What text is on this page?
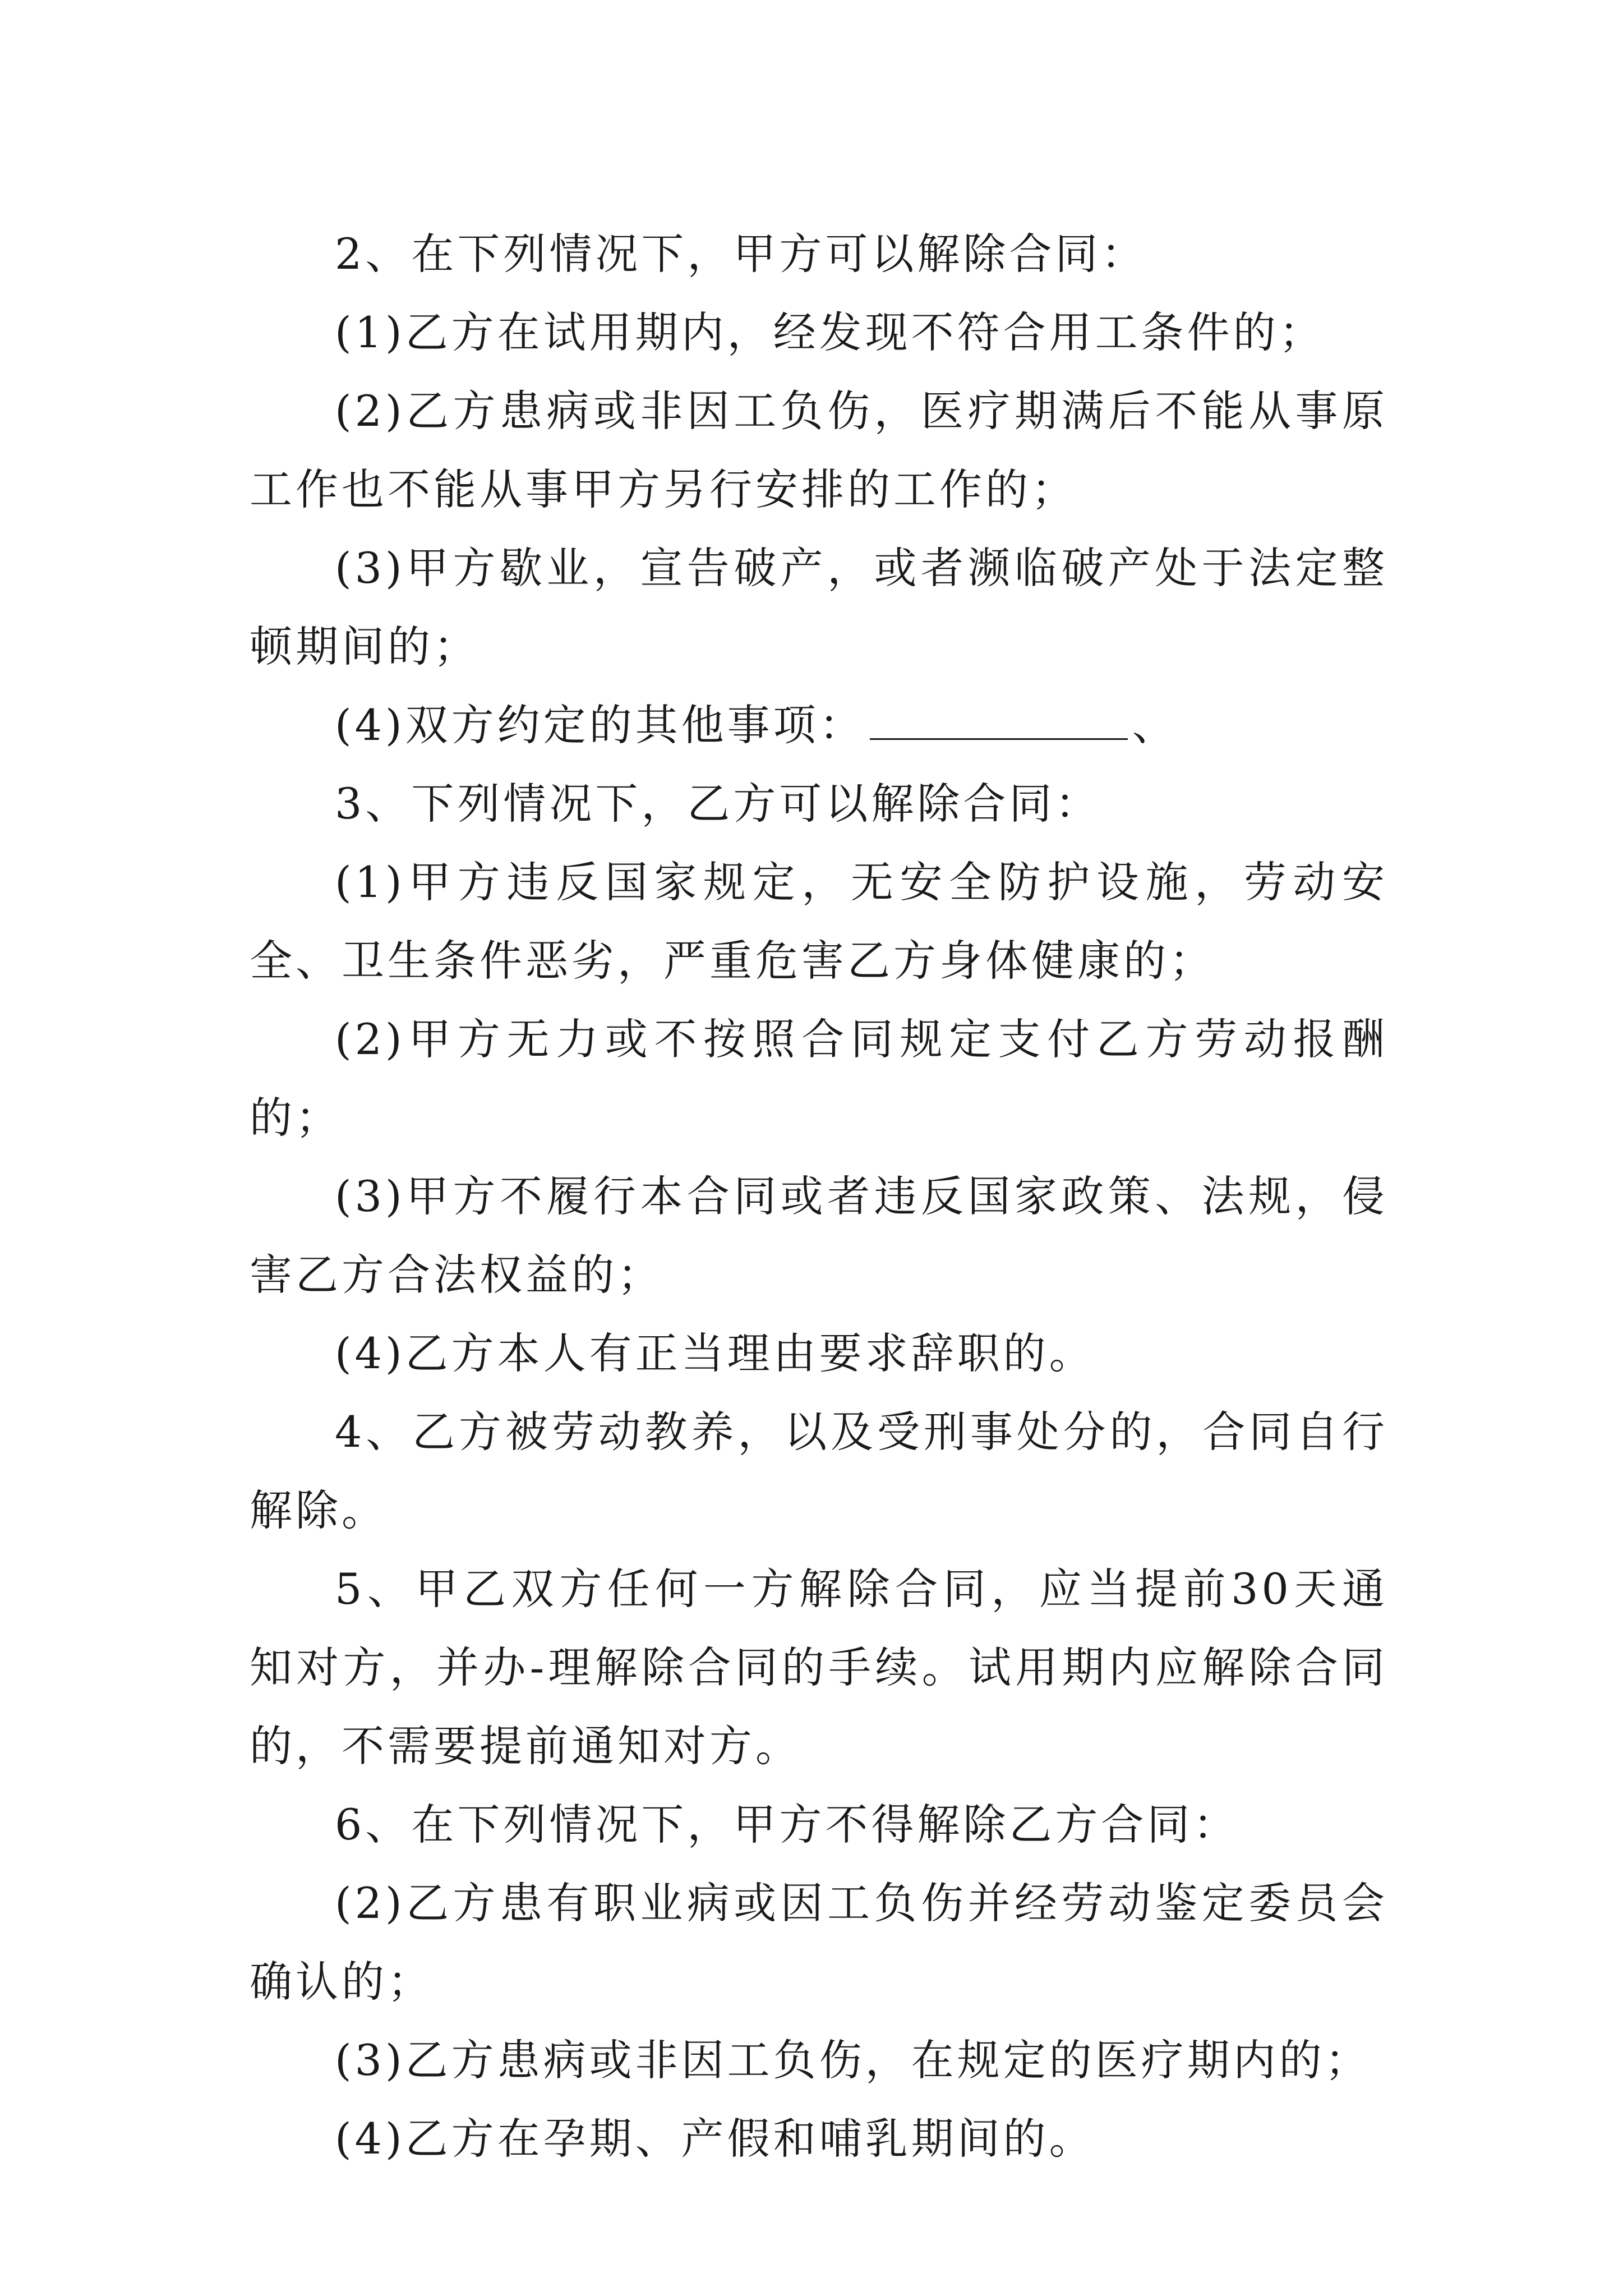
2、在下列情况下，甲方可以解除合同：

(1)乙方在试用期内，经发现不符合用工条件的；

(2)乙方患病或非因工负伤，医疗期满后不能从事原工作也不能从事甲方另行安排的工作的；

(3)甲方歇业，宣告破产，或者濒临破产处于法定整顿期间的；

(4)双方约定的其他事项：	、

3、下列情况下，乙方可以解除合同：

(1)甲方违反国家规定，无安全防护设施，劳动安全、卫生条件恶劣，严重危害乙方身体健康的；

(2)甲方无力或不按照合同规定支付乙方劳动报酬的；

(3)甲方不履行本合同或者违反国家政策、法规，侵害乙方合法权益的；

(4)乙方本人有正当理由要求辞职的。

4、乙方被劳动教养，以及受刑事处分的，合同自行解除。

5、甲乙双方任何一方解除合同，应当提前30天通知对方，并办-理解除合同的手续。试用期内应解除合同的，不需要提前通知对方。

6、在下列情况下，甲方不得解除乙方合同：

(2)乙方患有职业病或因工负伤并经劳动鉴定委员会确认的；

(3)乙方患病或非因工负伤，在规定的医疗期内的；

(4)乙方在孕期、产假和哺乳期间的。
